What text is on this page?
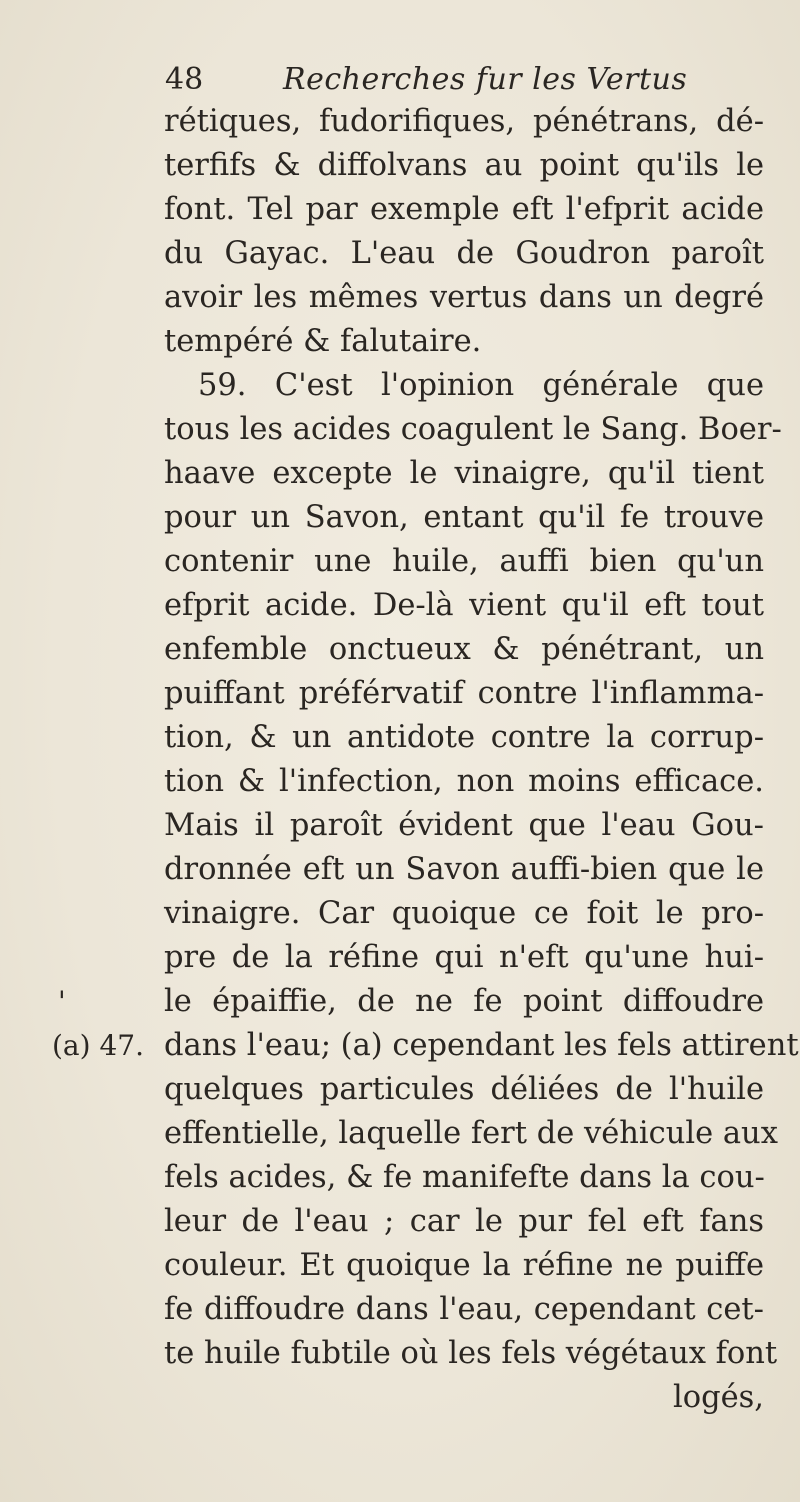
48	Recherches fur les Vertus
rétiques, fudorifiques, pénétrans, dé-
terfifs & diffolvans au point qu'ils le
font. Tel par exemple eft l'efprit acide
du Gayac. L'eau de Goudron paroît
avoir les mêmes vertus dans un degré
tempéré & falutaire.
59. C'est l'opinion générale que
tous les acides coagulent le Sang. Boer-
haave excepte le vinaigre, qu'il tient
pour un Savon, entant qu'il fe trouve
contenir une huile, auffi bien qu'un
efprit acide. De-là vient qu'il eft tout
enfemble onctueux & pénétrant, un
puiffant préférvatif contre l'inflamma-
tion, & un antidote contre la corrup-
tion & l'infection, non moins efficace.
Mais il paroît évident que l'eau Gou-
dronnée eft un Savon auffi-bien que le
vinaigre. Car quoique ce foit le pro-
pre de la réfine qui n'eft qu'une hui-
le épaiffie, de ne fe point diffoudre
dans l'eau; (a) cependant les fels attirent
quelques particules déliées de l'huile
effentielle, laquelle fert de véhicule aux
fels acides, & fe manifefte dans la cou-
leur de l'eau ; car le pur fel eft fans
couleur. Et quoique la réfine ne puiffe
fe diffoudre dans l'eau, cependant cet-
te huile fubtile où les fels végétaux font
logés,
'
(a) 47.
